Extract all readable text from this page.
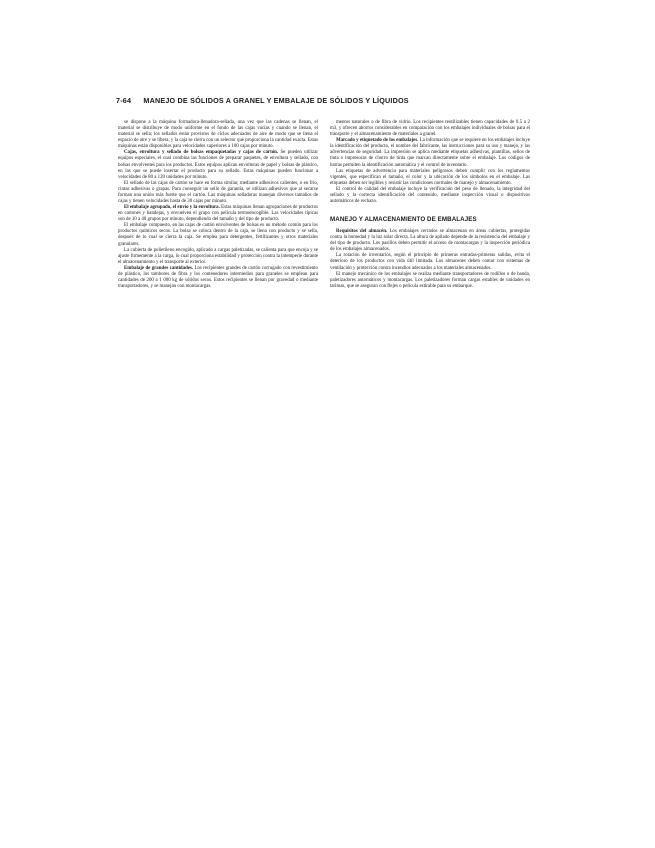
7-64 MANEJO DE SÓLIDOS A GRANEL Y EMBALAJE DE SÓLIDOS Y LÍQUIDOS

se dispone a la máquina formadora-llenadora-sellada, una vez que las cadenas se llenan, el material se distribuye de modo uniforme en el fondo de las cajas vacías y cuando se llenan, el material se sella; los sellados están provistos de ciclos adecuados de aire de modo que se llena el espacio de aire y se libera, y la caja se cierra con un selector que proporciona la cantidad exacta. Estas máquinas están disponibles para velocidades superiores a 100 cajas por minuto.

Cajas, envoltura y sellado de bolsas empaquetadas y cajas de cartón. Se pueden utilizar equipos especiales, el cual combina las funciones de preparar paquetes, de envoltura y sellado, con bolsas envolventes para los productos. Estos equipos aplican envolturas de papel y bolsas de plástico, en las que se puede insertar el producto para su sellado. Estas máquinas pueden funcionar a velocidades de 80 a 120 unidades por minuto.

El sellado de las cajas de cartón se hace en forma similar, mediante adhesivos calientes, o en frío, cintas adhesivas o grapas. Para conseguir un sello de garantía, se utilizan adhesivos que al secarse forman una unión más fuerte que el cartón. Las máquinas selladoras manejan diversos tamaños de cajas y tienen velocidades hasta de 30 cajas por minuto.

El embalaje agrupado, el envío y la envoltura. Estas máquinas llenan agrupaciones de productos en cartones y bandejas, y envuelven el grupo con película termoencogible. Las velocidades típicas son de 10 a 40 grupos por minuto, dependiendo del tamaño y del tipo de producto.

El embalaje compuesto, en las cajas de cartón envolventes de bolsas es un método común para los productos químicos secos. La bolsa se coloca dentro de la caja, se llena con producto y se sella, después de lo cual se cierra la caja. Se emplea para detergentes, fertilizantes y otros materiales granulares.

La cubierta de polietileno encogido, aplicado a cargas paletizadas, se calienta para que encoja y se ajuste firmemente a la carga, lo cual proporciona estabilidad y protección contra la intemperie durante el almacenamiento y el transporte al exterior.

Embalaje de grandes cantidades. Los recipientes grandes de cartón corrugado con revestimiento de plástico, los tambores de fibra y los contenedores intermedios para graneles se emplean para cantidades de 200 a 1 000 kg de sólidos secos. Estos recipientes se llenan por gravedad o mediante transportadores, y se manejan con montacargas.

mentos naturales o de fibra de vidrio. Los recipientes reutilizables tienen capacidades de 0.5 a 2 m3, y ofrecen ahorros considerables en comparación con los embalajes individuales de bolsas para el transporte y el almacenamiento de materiales a granel.

Marcado y etiquetado de los embalajes. La información que se requiere en los embalajes incluye la identificación del producto, el nombre del fabricante, las instrucciones para su uso y manejo, y las advertencias de seguridad. La impresión se aplica mediante etiquetas adhesivas, plantillas, sellos de tinta o impresoras de chorro de tinta que marcan directamente sobre el embalaje. Los códigos de barras permiten la identificación automática y el control de inventario.

Las etiquetas de advertencia para materiales peligrosos deben cumplir con los reglamentos vigentes, que especifican el tamaño, el color y la ubicación de los símbolos en el embalaje. Las etiquetas deben ser legibles y resistir las condiciones normales de manejo y almacenamiento.

El control de calidad del embalaje incluye la verificación del peso de llenado, la integridad del sellado y la correcta identificación del contenido, mediante inspección visual o dispositivos automáticos de rechazo.

MANEJO Y ALMACENAMIENTO DE EMBALAJES

Requisitos del almacén. Los embalajes cerrados se almacenan en áreas cubiertas, protegidas contra la humedad y la luz solar directa. La altura de apilado depende de la resistencia del embalaje y del tipo de producto. Los pasillos deben permitir el acceso de montacargas y la inspección periódica de los embalajes almacenados.

La rotación de inventarios, según el principio de primeras entradas-primeras salidas, evita el deterioro de los productos con vida útil limitada. Los almacenes deben contar con sistemas de ventilación y protección contra incendios adecuados a los materiales almacenados.

El manejo mecánico de los embalajes se realiza mediante transportadores de rodillos o de banda, paletizadores automáticos y montacargas. Los paletizadores forman cargas estables de unidades en tarimas, que se aseguran con flejes o película estirable para su embarque.
